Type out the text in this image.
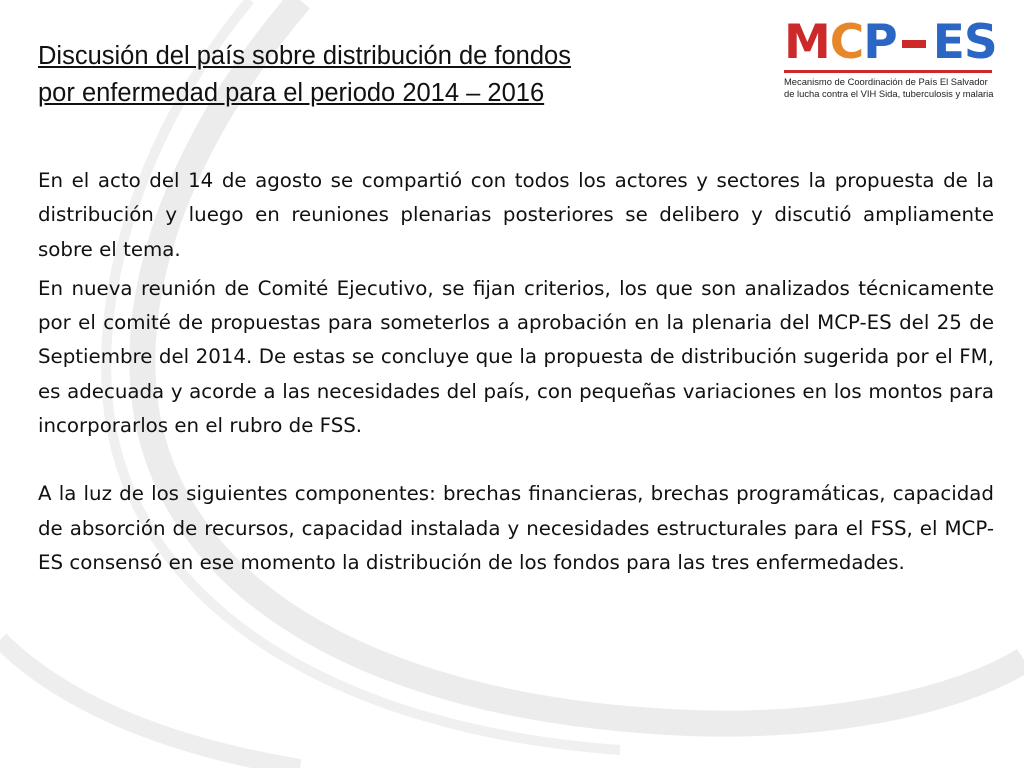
Discusión del país sobre distribución de fondos
por enfermedad para el periodo 2014 – 2016
MCP ES
Mecanismo de Coordinación de País El Salvador
de lucha contra el VIH Sida, tuberculosis y malaria

En el acto del 14 de agosto se compartió con todos los actores y sectores la propuesta de la distribución y luego en reuniones plenarias posteriores se delibero y discutió ampliamente sobre el tema.

En nueva reunión de Comité Ejecutivo, se fijan criterios, los que son analizados técnicamente por el comité de propuestas para someterlos a aprobación en la plenaria del MCP-ES del 25 de Septiembre del 2014. De estas se concluye que la propuesta de distribución sugerida por el FM, es adecuada y acorde a las necesidades del país, con pequeñas variaciones en los montos para incorporarlos en el rubro de FSS.

A la luz de los siguientes componentes: brechas financieras, brechas programáticas, capacidad de absorción de recursos, capacidad instalada y necesidades estructurales para el FSS, el MCP-ES consensó en ese momento la distribución de los fondos para las tres enfermedades.
